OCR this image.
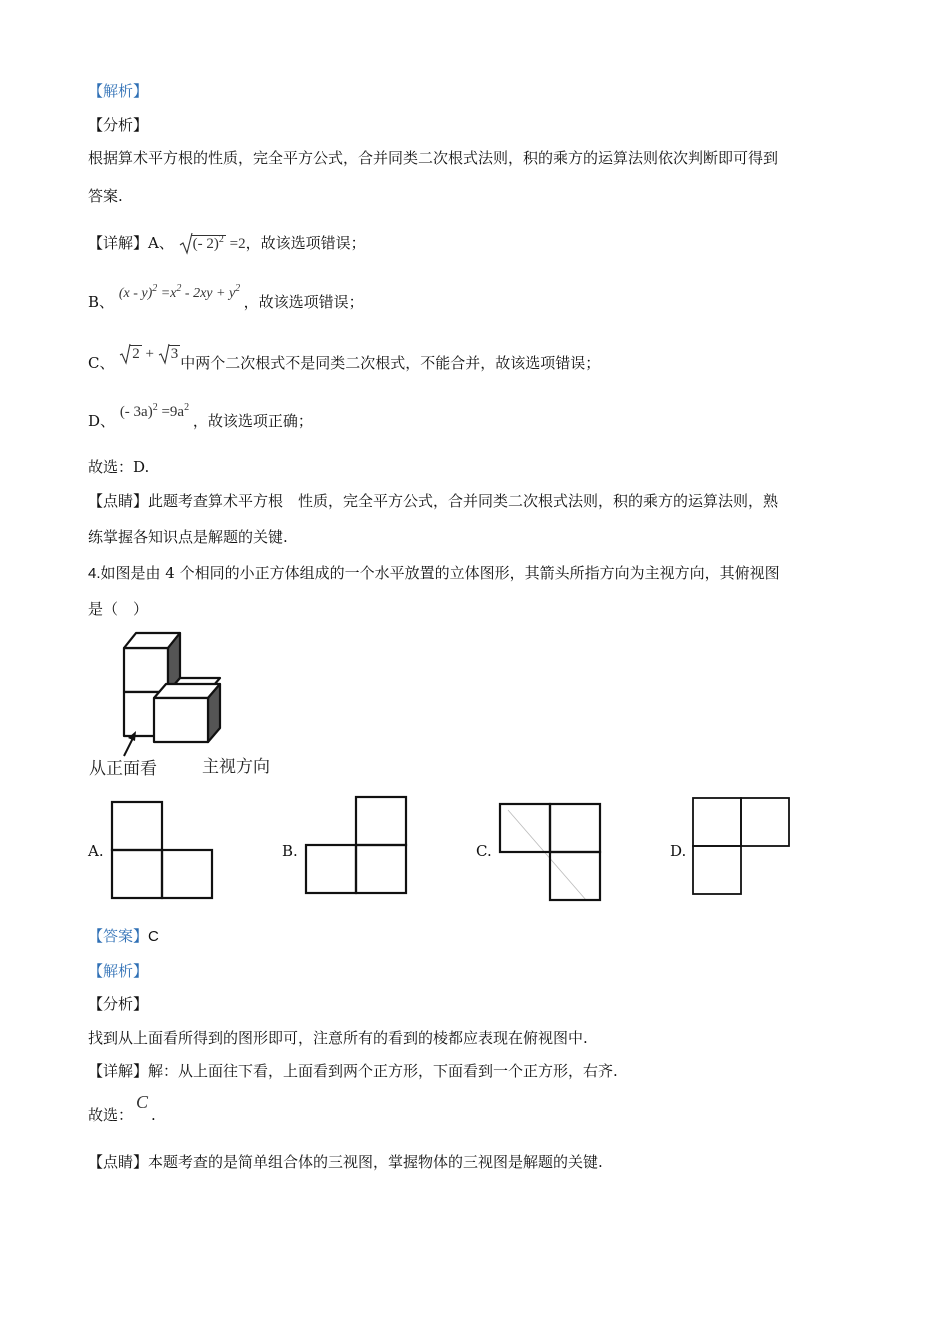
【解析】
【分析】
根据算术平方根的性质，完全平方公式，合并同类二次根式法则，积的乘方的运算法则依次判断即可得到
答案.
【详解】A、 (- 2)$^2$ =2，故该选项错误；
B、 $(x - y)^2 =x^2 - 2xy + y^2$ ，故该选项错误；
C、 2 +
3 中两个二次根式不是同类二次根式，不能合并，故该选项错误；
D、 (- $3a)^2 =9a^2$ ，故该选项正确；
故选：D.
【点睛】此题考查算术平方根　性质，完全平方公式，合并同类二次根式法则，积的乘方的运算法则，熟
练掌握各知识点是解题的关键.
4.如图是由 4 个相同的小正方体组成的一个水平放置的立体图形，其箭头所指方向为主视方向，其俯视图
是（　）
从正面看	主视方向
A.	B.	C.	D.
【答案】C
【解析】
【分析】
找到从上面看所得到的图形即可，注意所有的看到的棱都应表现在俯视图中.
【详解】解：从上面往下看，上面看到两个正方形，下面看到一个正方形，右齐.
故选：C.
【点睛】本题考查的是简单组合体的三视图，掌握物体的三视图是解题的关键.
